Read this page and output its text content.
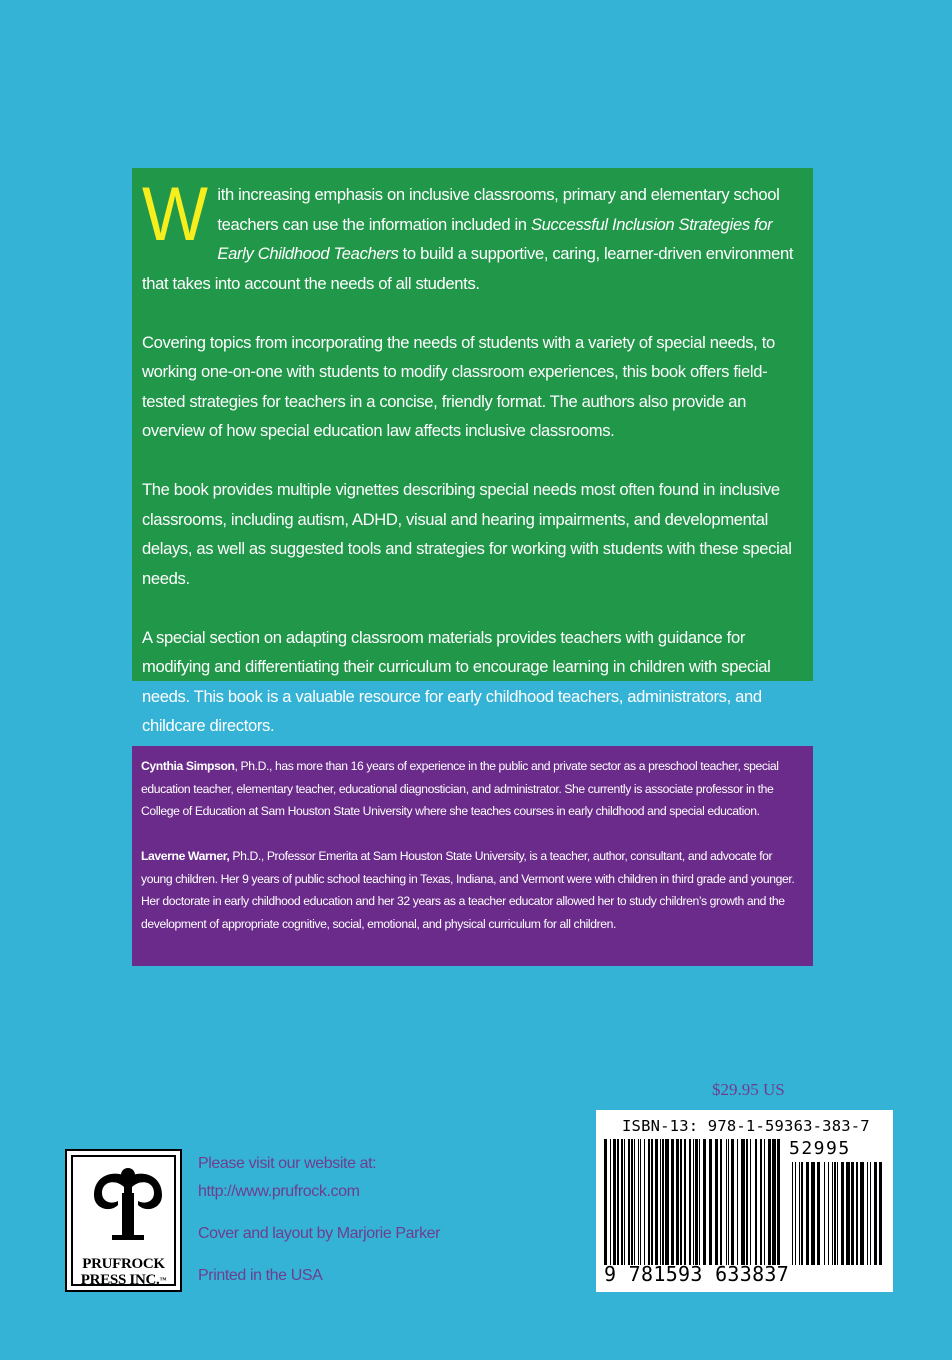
With increasing emphasis on inclusive classrooms, primary and elementary school teachers can use the information included in Successful Inclusion Strategies for Early Childhood Teachers to build a supportive, caring, learner-driven environment that takes into account the needs of all students.

Covering topics from incorporating the needs of students with a variety of special needs, to working one-on-one with students to modify classroom experiences, this book offers field-tested strategies for teachers in a concise, friendly format. The authors also provide an overview of how special education law affects inclusive classrooms.

The book provides multiple vignettes describing special needs most often found in inclusive classrooms, including autism, ADHD, visual and hearing impairments, and developmental delays, as well as suggested tools and strategies for working with students with these special needs.

A special section on adapting classroom materials provides teachers with guidance for modifying and differentiating their curriculum to encourage learning in children with special needs. This book is a valuable resource for early childhood teachers, administrators, and childcare directors.

Cynthia Simpson, Ph.D., has more than 16 years of experience in the public and private sector as a preschool teacher, special education teacher, elementary teacher, educational diagnostician, and administrator. She currently is associate professor in the College of Education at Sam Houston State University where she teaches courses in early childhood and special education.

Laverne Warner, Ph.D., Professor Emerita at Sam Houston State University, is a teacher, author, consultant, and advocate for young children. Her 9 years of public school teaching in Texas, Indiana, and Vermont were with children in third grade and younger. Her doctorate in early childhood education and her 32 years as a teacher educator allowed her to study children’s growth and the development of appropriate cognitive, social, emotional, and physical curriculum for all children.

$29.95 US
ISBN-13: 978-1-59363-383-7
52995
9 781593 633837
PRUFROCK
PRESS INC.™
Please visit our website at:
http://www.prufrock.com
Cover and layout by Marjorie Parker
Printed in the USA
